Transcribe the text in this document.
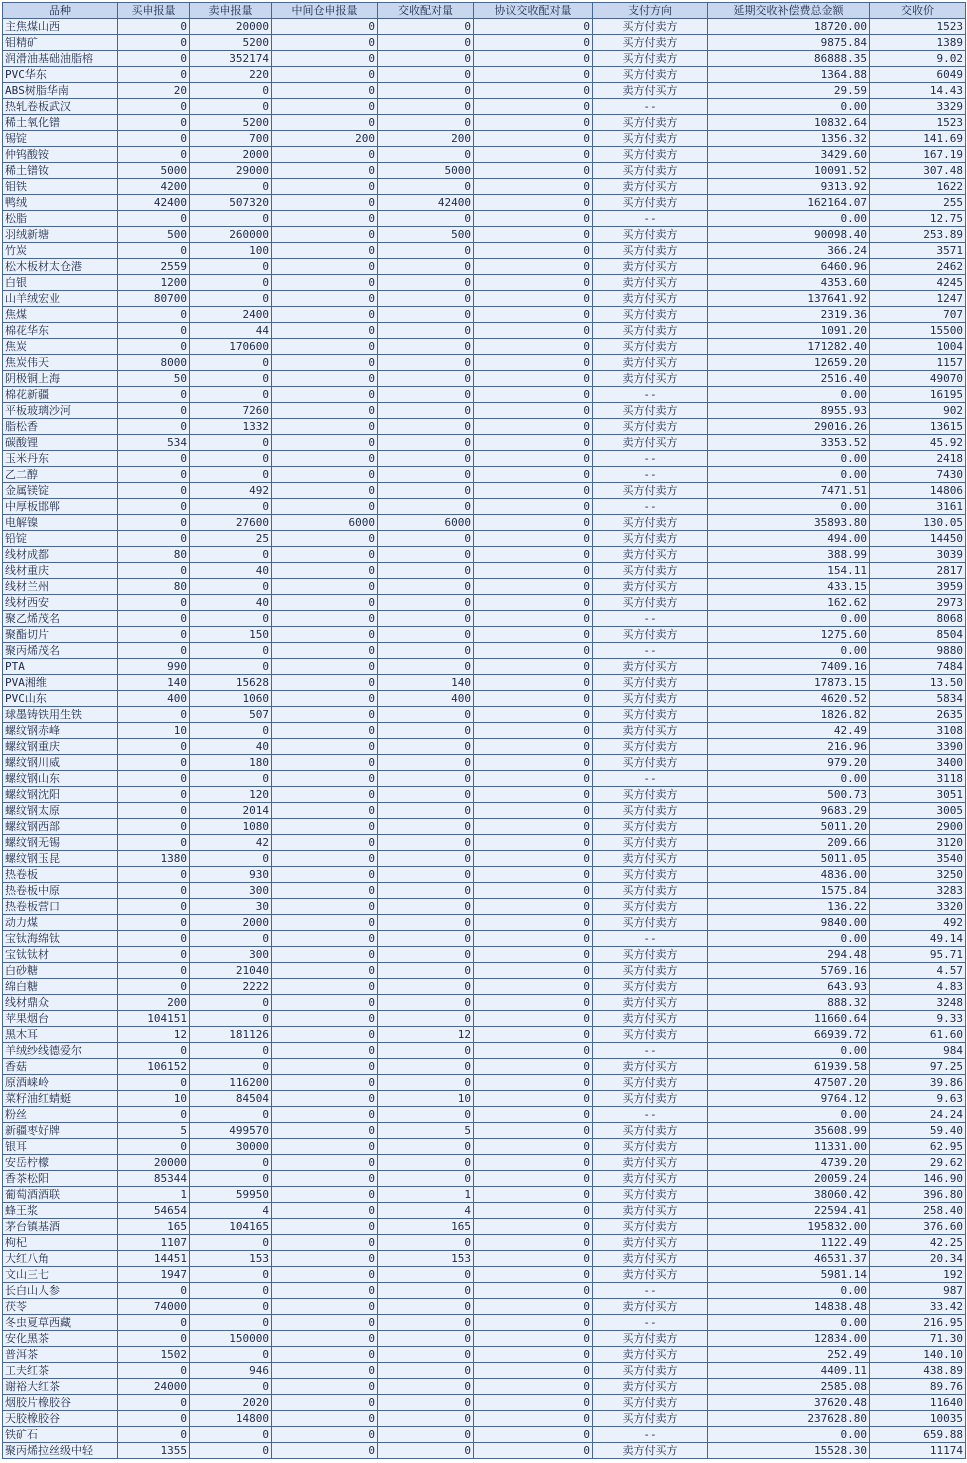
品种	买申报量	卖申报量	中间仓申报量	交收配对量	协议交收配对量	支付方向	延期交收补偿费总金额	交收价
主焦煤山西	0	20000	0	0	0	买方付卖方	18720.00	1523
钼精矿	0	5200	0	0	0	买方付卖方	9875.84	1389
润滑油基础油脂榕	0	352174	0	0	0	买方付卖方	86888.35	9.02
PVC华东	0	220	0	0	0	买方付卖方	1364.88	6049
ABS树脂华南	20	0	0	0	0	卖方付买方	29.59	14.43
热轧卷板武汉	0	0	0	0	0	--	0.00	3329
稀土氧化镨	0	5200	0	0	0	买方付卖方	10832.64	1523
锡锭	0	700	200	200	0	买方付卖方	1356.32	141.69
仲钨酸铵	0	2000	0	0	0	买方付卖方	3429.60	167.19
稀土镨钕	5000	29000	0	5000	0	买方付卖方	10091.52	307.48
钼铁	4200	0	0	0	0	卖方付买方	9313.92	1622
鸭绒	42400	507320	0	42400	0	买方付卖方	162164.07	255
松脂	0	0	0	0	0	--	0.00	12.75
羽绒新塘	500	260000	0	500	0	买方付卖方	90098.40	253.89
竹炭	0	100	0	0	0	买方付卖方	366.24	3571
松木板材太仓港	2559	0	0	0	0	卖方付买方	6460.96	2462
白银	1200	0	0	0	0	卖方付买方	4353.60	4245
山羊绒宏业	80700	0	0	0	0	卖方付买方	137641.92	1247
焦煤	0	2400	0	0	0	买方付卖方	2319.36	707
棉花华东	0	44	0	0	0	买方付卖方	1091.20	15500
焦炭	0	170600	0	0	0	买方付卖方	171282.40	1004
焦炭伟天	8000	0	0	0	0	卖方付买方	12659.20	1157
阴极铜上海	50	0	0	0	0	卖方付买方	2516.40	49070
棉花新疆	0	0	0	0	0	--	0.00	16195
平板玻璃沙河	0	7260	0	0	0	买方付卖方	8955.93	902
脂松香	0	1332	0	0	0	买方付卖方	29016.26	13615
碳酸锂	534	0	0	0	0	卖方付买方	3353.52	45.92
玉米丹东	0	0	0	0	0	--	0.00	2418
乙二醇	0	0	0	0	0	--	0.00	7430
金属镁锭	0	492	0	0	0	买方付卖方	7471.51	14806
中厚板邯郸	0	0	0	0	0	--	0.00	3161
电解镍	0	27600	6000	6000	0	买方付卖方	35893.80	130.05
铅锭	0	25	0	0	0	买方付卖方	494.00	14450
线材成都	80	0	0	0	0	卖方付买方	388.99	3039
线材重庆	0	40	0	0	0	买方付卖方	154.11	2817
线材兰州	80	0	0	0	0	卖方付买方	433.15	3959
线材西安	0	40	0	0	0	买方付卖方	162.62	2973
聚乙烯茂名	0	0	0	0	0	--	0.00	8068
聚酯切片	0	150	0	0	0	买方付卖方	1275.60	8504
聚丙烯茂名	0	0	0	0	0	--	0.00	9880
PTA	990	0	0	0	0	卖方付买方	7409.16	7484
PVA湘维	140	15628	0	140	0	买方付卖方	17873.15	13.50
PVC山东	400	1060	0	400	0	买方付卖方	4620.52	5834
球墨铸铁用生铁	0	507	0	0	0	买方付卖方	1826.82	2635
螺纹钢赤峰	10	0	0	0	0	卖方付买方	42.49	3108
螺纹钢重庆	0	40	0	0	0	买方付卖方	216.96	3390
螺纹钢川威	0	180	0	0	0	买方付卖方	979.20	3400
螺纹钢山东	0	0	0	0	0	--	0.00	3118
螺纹钢沈阳	0	120	0	0	0	买方付卖方	500.73	3051
螺纹钢太原	0	2014	0	0	0	买方付卖方	9683.29	3005
螺纹钢西部	0	1080	0	0	0	买方付卖方	5011.20	2900
螺纹钢无锡	0	42	0	0	0	买方付卖方	209.66	3120
螺纹钢玉昆	1380	0	0	0	0	卖方付买方	5011.05	3540
热卷板	0	930	0	0	0	买方付卖方	4836.00	3250
热卷板中原	0	300	0	0	0	买方付卖方	1575.84	3283
热卷板营口	0	30	0	0	0	买方付卖方	136.22	3320
动力煤	0	2000	0	0	0	买方付卖方	9840.00	492
宝钛海绵钛	0	0	0	0	0	--	0.00	49.14
宝钛钛材	0	300	0	0	0	买方付卖方	294.48	95.71
白砂糖	0	21040	0	0	0	买方付卖方	5769.16	4.57
绵白糖	0	2222	0	0	0	买方付卖方	643.93	4.83
线材鼎众	200	0	0	0	0	卖方付买方	888.32	3248
苹果烟台	104151	0	0	0	0	卖方付买方	11660.64	9.33
黑木耳	12	181126	0	12	0	买方付卖方	66939.72	61.60
羊绒纱线德爱尔	0	0	0	0	0	--	0.00	984
香菇	106152	0	0	0	0	卖方付买方	61939.58	97.25
原酒崃岭	0	116200	0	0	0	买方付卖方	47507.20	39.86
菜籽油红蜻蜓	10	84504	0	10	0	买方付卖方	9764.12	9.63
粉丝	0	0	0	0	0	--	0.00	24.24
新疆枣好牌	5	499570	0	5	0	买方付卖方	35608.99	59.40
银耳	0	30000	0	0	0	买方付卖方	11331.00	62.95
安岳柠檬	20000	0	0	0	0	卖方付买方	4739.20	29.62
香茶松阳	85344	0	0	0	0	卖方付买方	20059.24	146.90
葡萄酒酒联	1	59950	0	1	0	买方付卖方	38060.42	396.80
蜂王浆	54654	4	0	4	0	卖方付买方	22594.41	258.40
茅台镇基酒	165	104165	0	165	0	买方付卖方	195832.00	376.60
枸杞	1107	0	0	0	0	卖方付买方	1122.49	42.25
大红八角	14451	153	0	153	0	卖方付买方	46531.37	20.34
文山三七	1947	0	0	0	0	卖方付买方	5981.14	192
长白山人参	0	0	0	0	0	--	0.00	987
茯苓	74000	0	0	0	0	卖方付买方	14838.48	33.42
冬虫夏草西藏	0	0	0	0	0	--	0.00	216.95
安化黑茶	0	150000	0	0	0	买方付卖方	12834.00	71.30
普洱茶	1502	0	0	0	0	卖方付买方	252.49	140.10
工夫红茶	0	946	0	0	0	买方付卖方	4409.11	438.89
谢裕大红茶	24000	0	0	0	0	卖方付买方	2585.08	89.76
烟胶片橡胶谷	0	2020	0	0	0	买方付卖方	37620.48	11640
天胶橡胶谷	0	14800	0	0	0	买方付卖方	237628.80	10035
铁矿石	0	0	0	0	0	--	0.00	659.88
聚丙烯拉丝级中轻	1355	0	0	0	0	卖方付买方	15528.30	11174
